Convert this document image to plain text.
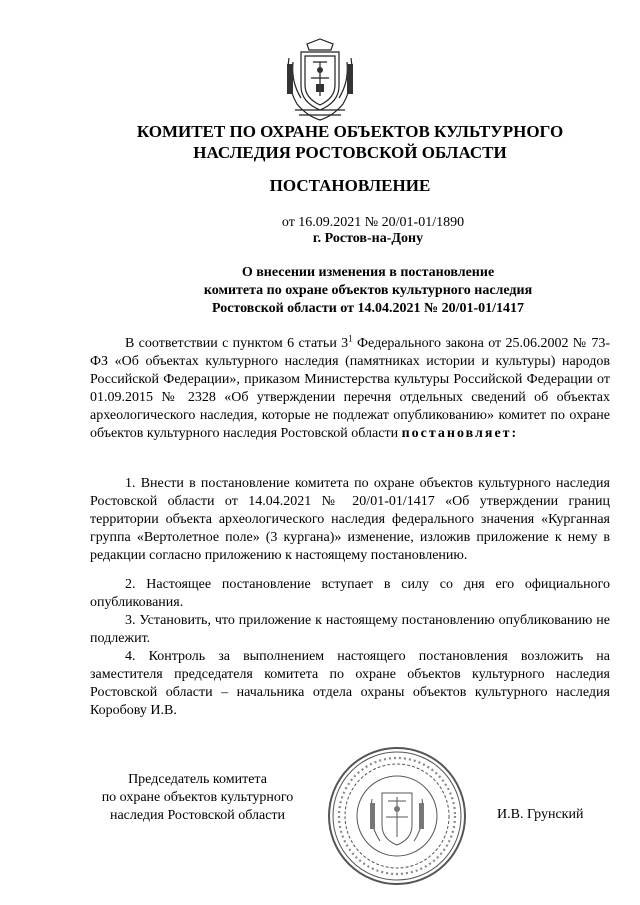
КОМИТЕТ ПО ОХРАНЕ ОБЪЕКТОВ КУЛЬТУРНОГО
НАСЛЕДИЯ РОСТОВСКОЙ ОБЛАСТИ
ПОСТАНОВЛЕНИЕ
от 16.09.2021 № 20/01-01/1890
г. Ростов-на-Дону
О внесении изменения в постановление
комитета по охране объектов культурного наследия
Ростовской области от 14.04.2021 № 20/01-01/1417

В соответствии с пунктом 6 статьи $3^1$ Федерального закона от 25.06.2002 № 73-ФЗ «Об объектах культурного наследия (памятниках истории и культуры) народов Российской Федерации», приказом Министерства культуры Российской Федерации от 01.09.2015 № 2328 «Об утверждении перечня отдельных сведений об объектах археологического наследия, которые не подлежат опубликованию» комитет по охране объектов культурного наследия Ростовской области постановляет:

1. Внести в постановление комитета по охране объектов культурного наследия Ростовской области от 14.04.2021 № 20/01-01/1417 «Об утверждении границ территории объекта археологического наследия федерального значения «Курганная группа «Вертолетное поле» (3 кургана)» изменение, изложив приложение к нему в редакции согласно приложению к настоящему постановлению.

2. Настоящее постановление вступает в силу со дня его официального опубликования.

3. Установить, что приложение к настоящему постановлению опубликованию не подлежит.

4. Контроль за выполнением настоящего постановления возложить на заместителя председателя комитета по охране объектов культурного наследия Ростовской области – начальника отдела охраны объектов культурного наследия Коробову И.В.

Председатель комитета
по охране объектов культурного
наследия Ростовской области	И.В. Грунский
